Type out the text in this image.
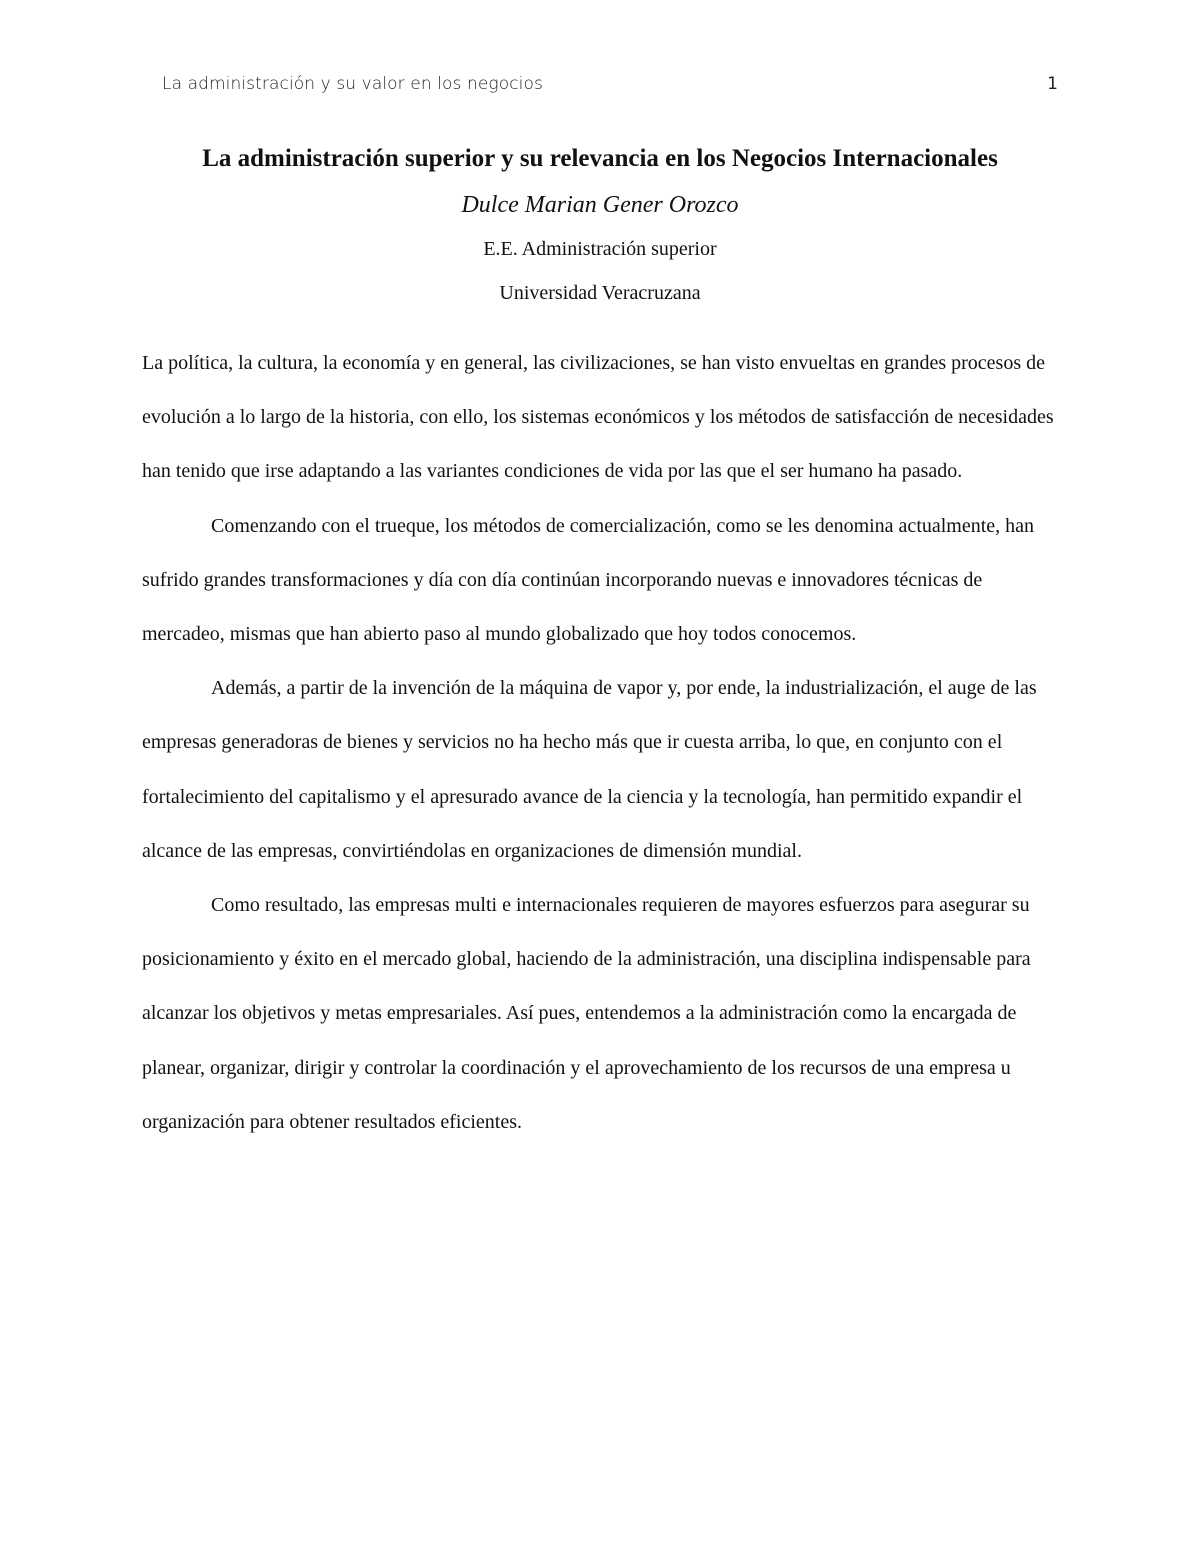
La administración y su valor en los negocios	1
La administración superior y su relevancia en los Negocios Internacionales
Dulce Marian Gener Orozco
E.E. Administración superior
Universidad Veracruzana

La política, la cultura, la economía y en general, las civilizaciones, se han visto envueltas en grandes procesos de evolución a lo largo de la historia, con ello, los sistemas económicos y los métodos de satisfacción de necesidades han tenido que irse adaptando a las variantes condiciones de vida por las que el ser humano ha pasado.

Comenzando con el trueque, los métodos de comercialización, como se les denomina actualmente, han sufrido grandes transformaciones y día con día continúan incorporando nuevas e innovadores técnicas de mercadeo, mismas que han abierto paso al mundo globalizado que hoy todos conocemos.

Además, a partir de la invención de la máquina de vapor y, por ende, la industrialización, el auge de las empresas generadoras de bienes y servicios no ha hecho más que ir cuesta arriba, lo que, en conjunto con el fortalecimiento del capitalismo y el apresurado avance de la ciencia y la tecnología, han permitido expandir el alcance de las empresas, convirtiéndolas en organizaciones de dimensión mundial.

Como resultado, las empresas multi e internacionales requieren de mayores esfuerzos para asegurar su posicionamiento y éxito en el mercado global, haciendo de la administración, una disciplina indispensable para alcanzar los objetivos y metas empresariales. Así pues, entendemos a la administración como la encargada de planear, organizar, dirigir y controlar la coordinación y el aprovechamiento de los recursos de una empresa u organización para obtener resultados eficientes.
